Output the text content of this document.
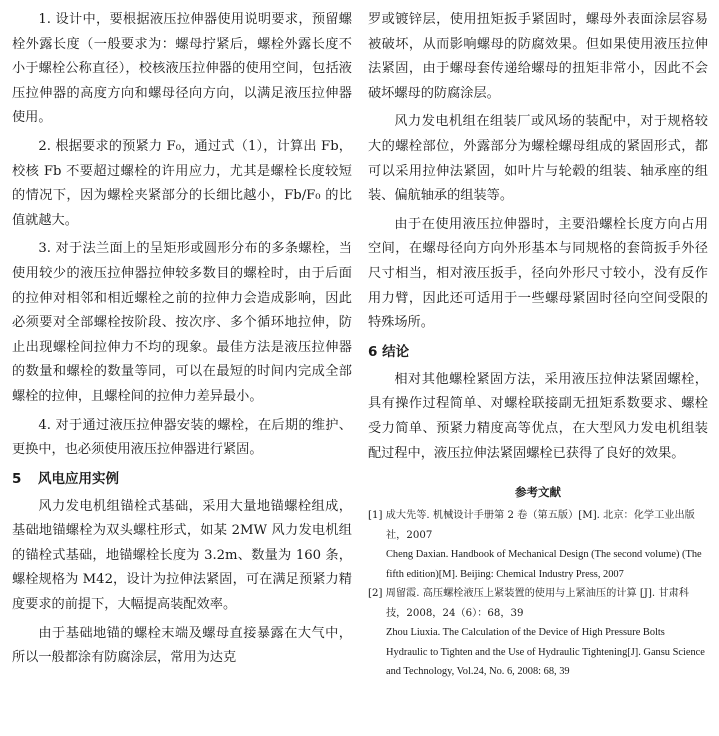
1. 设计中，要根据液压拉伸器使用说明要求，预留螺栓外露长度（一般要求为：螺母拧紧后，螺栓外露长度不小于螺栓公称直径），校核液压拉伸器的使用空间，包括液压拉伸器的高度方向和螺母径向方向，以满足液压拉伸器使用。

2. 根据要求的预紧力 F₀，通过式（1），计算出 Fb，校核 Fb 不要超过螺栓的许用应力，尤其是螺栓长度较短的情况下，因为螺栓夹紧部分的长细比越小，Fb/F₀ 的比值就越大。

3. 对于法兰面上的呈矩形或圆形分布的多条螺栓，当使用较少的液压拉伸器拉伸较多数目的螺栓时，由于后面的拉伸对相邻和相近螺栓之前的拉伸力会造成影响，因此必须要对全部螺栓按阶段、按次序、多个循环地拉伸，防止出现螺栓间拉伸力不均的现象。最佳方法是液压拉伸器的数量和螺栓的数量等同，可以在最短的时间内完成全部螺栓的拉伸，且螺栓间的拉伸力差异最小。

4. 对于通过液压拉伸器安装的螺栓，在后期的维护、更换中，也必须使用液压拉伸器进行紧固。

5 风电应用实例

风力发电机组锚栓式基础，采用大量地锚螺栓组成，基础地锚螺栓为双头螺柱形式，如某 2MW 风力发电机组的锚栓式基础，地锚螺栓长度为 3.2m、数量为 160 条，螺栓规格为 M42，设计为拉伸法紧固，可在满足预紧力精度要求的前提下，大幅提高装配效率。

由于基础地锚的螺栓末端及螺母直接暴露在大气中，所以一般都涂有防腐涂层，常用为达克

罗或镀锌层，使用扭矩扳手紧固时，螺母外表面涂层容易被破坏，从而影响螺母的防腐效果。但如果使用液压拉伸法紧固，由于螺母套传递给螺母的扭矩非常小，因此不会破坏螺母的防腐涂层。

风力发电机组在组装厂或风场的装配中，对于规格较大的螺栓部位，外露部分为螺栓螺母组成的紧固形式，都可以采用拉伸法紧固，如叶片与轮毂的组装、轴承座的组装、偏航轴承的组装等。

由于在使用液压拉伸器时，主要沿螺栓长度方向占用空间，在螺母径向方向外形基本与同规格的套筒扳手外径尺寸相当，相对液压扳手，径向外形尺寸较小，没有反作用力臂，因此还可适用于一些螺母紧固时径向空间受限的特殊场所。

6 结论

相对其他螺栓紧固方法，采用液压拉伸法紧固螺栓，具有操作过程简单、对螺栓联接副无扭矩系数要求、螺栓受力简单、预紧力精度高等优点，在大型风力发电机组装配过程中，液压拉伸法紧固螺栓已获得了良好的效果。

参考文献

[1] 成大先等. 机械设计手册第 2 卷（第五版）[M]. 北京：化学工业出版社，2007

Cheng Daxian. Handbook of Mechanical Design (The second volume) (The fifth edition)[M]. Beijing: Chemical Industry Press, 2007

[2] 周留霞. 高压螺栓液压上紧装置的使用与上紧油压的计算 [J]. 甘肃科技，2008，24（6）：68，39

Zhou Liuxia. The Calculation of the Device of High Pressure Bolts Hydraulic to Tighten and the Use of Hydraulic Tightening[J]. Gansu Science and Technology, Vol.24, No. 6, 2008: 68, 39
